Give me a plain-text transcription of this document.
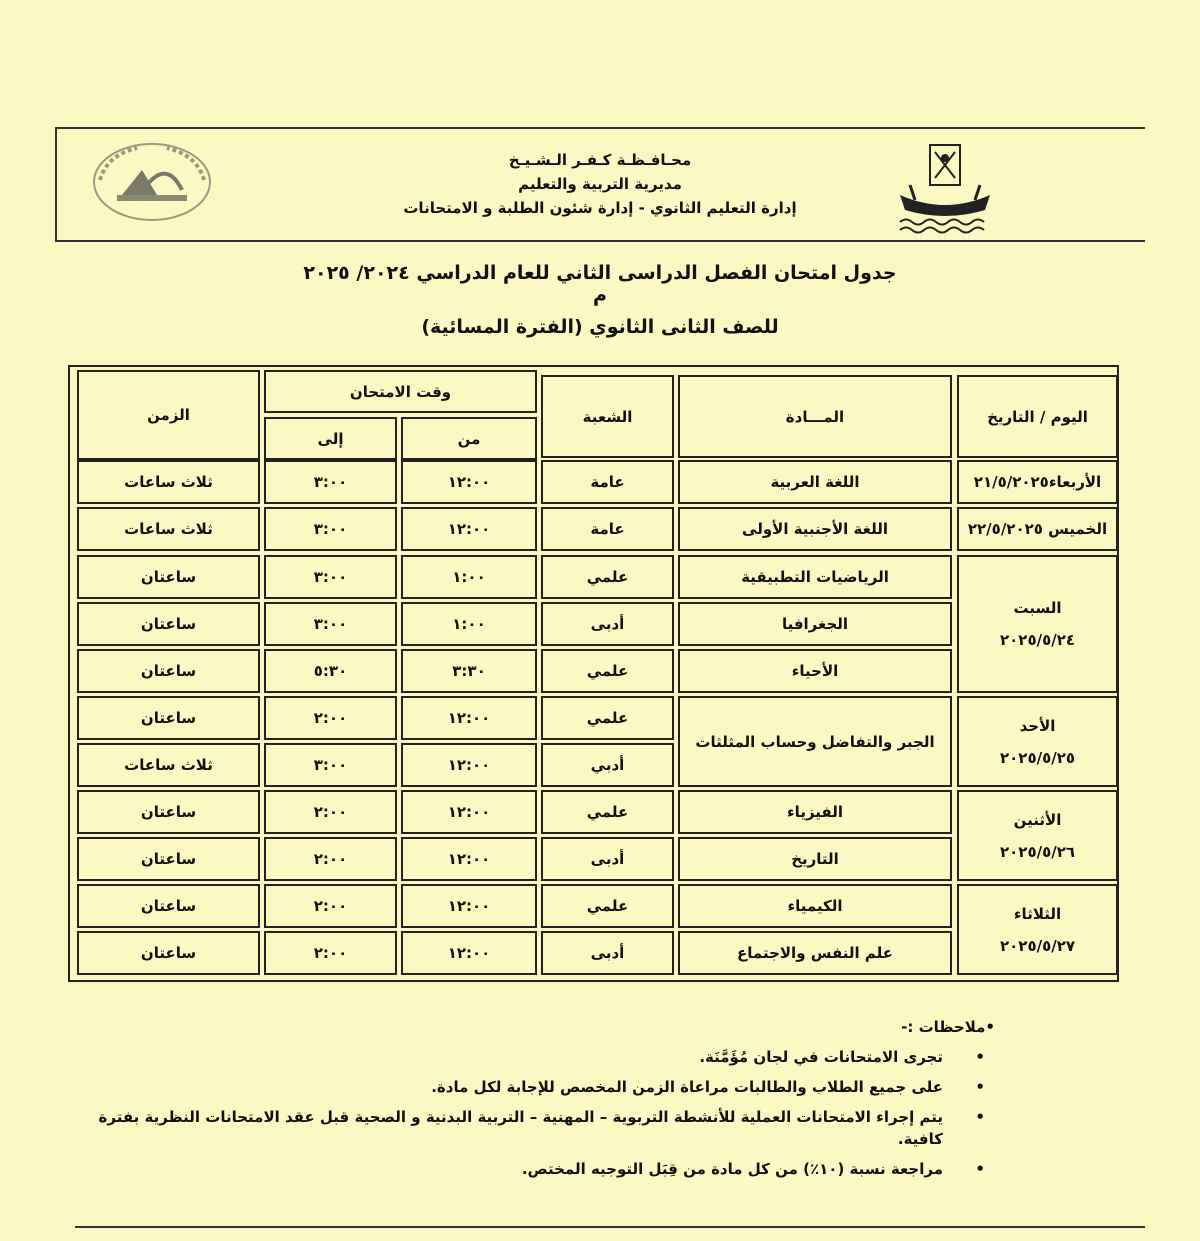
محـافـظـة كـفـر الـشـيـخ
مديرية التربية والتعليم
إدارة التعليم الثانوي - إدارة شئون الطلبة و الامتحانات
جدول امتحان الفصل الدراسى الثاني للعام الدراسي ٢٠٢٤/ ٢٠٢٥ م
للصف الثانى الثانوي (الفترة المسائية)
اليوم / التاريخ
المـــادة
الشعبة
وقت الامتحان
من
إلى
الزمن
الأربعاء٢١/٥/٢٠٢٥
الخميس ٢٢/٥/٢٠٢٥
السبت
٢٠٢٥/٥/٢٤
الأحد
٢٠٢٥/٥/٢٥
الأثنين
٢٠٢٥/٥/٢٦
الثلاثاء
٢٠٢٥/٥/٢٧
اللغة العربية
اللغة الأجنبية الأولى
الرياضيات التطبيقية
الجغرافيا
الأحياء
الجبر والتفاضل وحساب المثلثات
الفيزياء
التاريخ
الكيمياء
علم النفس والاجتماع
عامة
١٢:٠٠
٣:٠٠
ثلاث ساعات
عامة
١٢:٠٠
٣:٠٠
ثلاث ساعات
علمي
١:٠٠
٣:٠٠
ساعتان
أدبى
١:٠٠
٣:٠٠
ساعتان
علمي
٣:٣٠
٥:٣٠
ساعتان
علمي
١٢:٠٠
٢:٠٠
ساعتان
أدبي
١٢:٠٠
٣:٠٠
ثلاث ساعات
علمي
١٢:٠٠
٢:٠٠
ساعتان
أدبى
١٢:٠٠
٢:٠٠
ساعتان
علمي
١٢:٠٠
٢:٠٠
ساعتان
أدبى
١٢:٠٠
٢:٠٠
ساعتان
•ملاحظات :-
•
تجرى الامتحانات في لجان مُؤَمَّنَة.
•
على جميع الطلاب والطالبات مراعاة الزمن المخصص للإجابة لكل مادة.
•
يتم إجراء الامتحانات العملية للأنشطة التربوية – المهنية – التربية البدنية و الصحية قبل عقد الامتحانات النظرية بفترة كافية.
•
مراجعة نسبة (١٠٪) من كل مادة من قِبَل التوجيه المختص.
